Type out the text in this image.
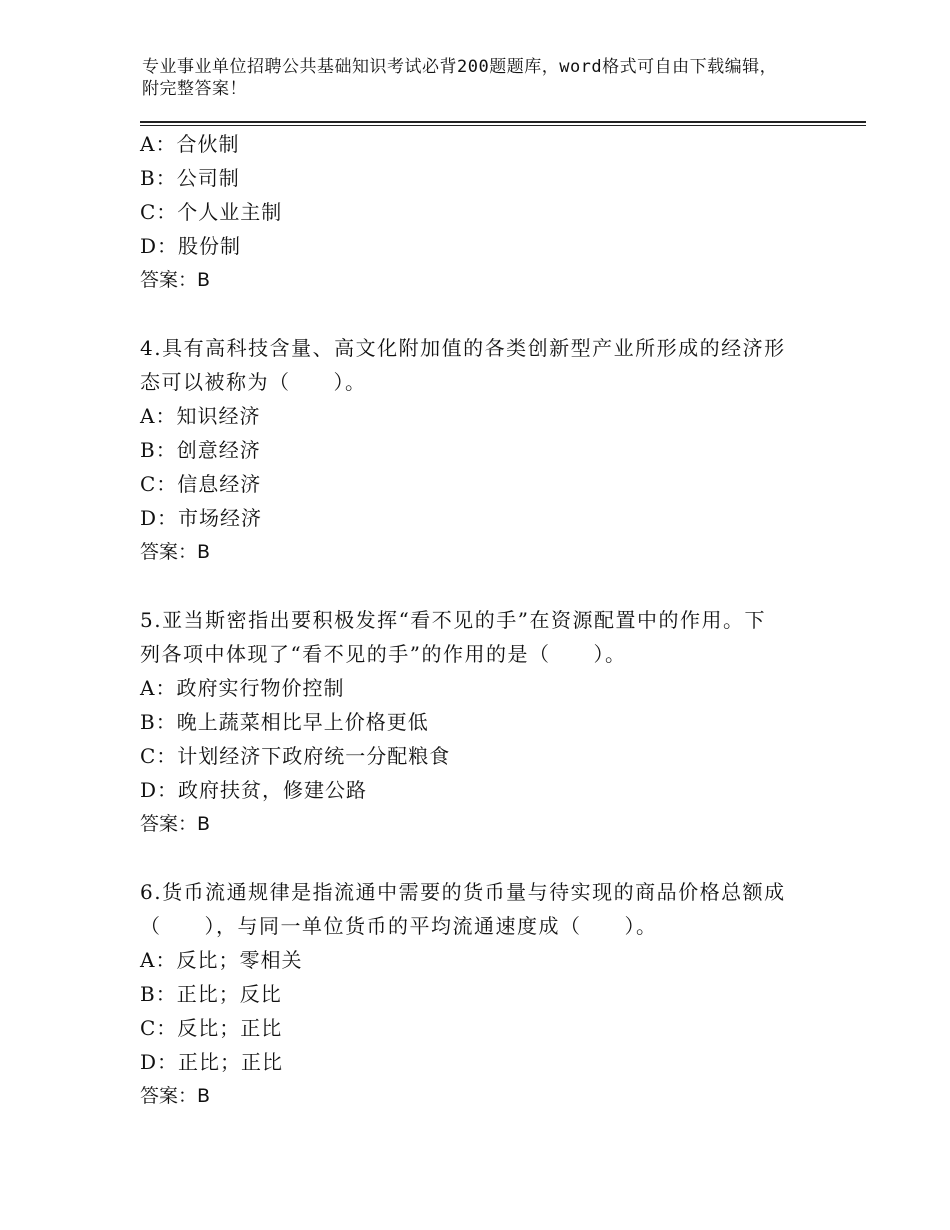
专业事业单位招聘公共基础知识考试必背200题题库，word格式可自由下载编辑，附完整答案！
A：合伙制
B：公司制
C：个人业主制
D：股份制
答案：B
4.具有高科技含量、高文化附加值的各类创新型产业所形成的经济形
态可以被称为（　　）。
A：知识经济
B：创意经济
C：信息经济
D：市场经济
答案：B
5.亚当斯密指出要积极发挥“看不见的手”在资源配置中的作用。下
列各项中体现了“看不见的手”的作用的是（　　）。
A：政府实行物价控制
B：晚上蔬菜相比早上价格更低
C：计划经济下政府统一分配粮食
D：政府扶贫，修建公路
答案：B
6.货币流通规律是指流通中需要的货币量与待实现的商品价格总额成
（　　），与同一单位货币的平均流通速度成（　　）。
A：反比；零相关
B：正比；反比
C：反比；正比
D：正比；正比
答案：B
